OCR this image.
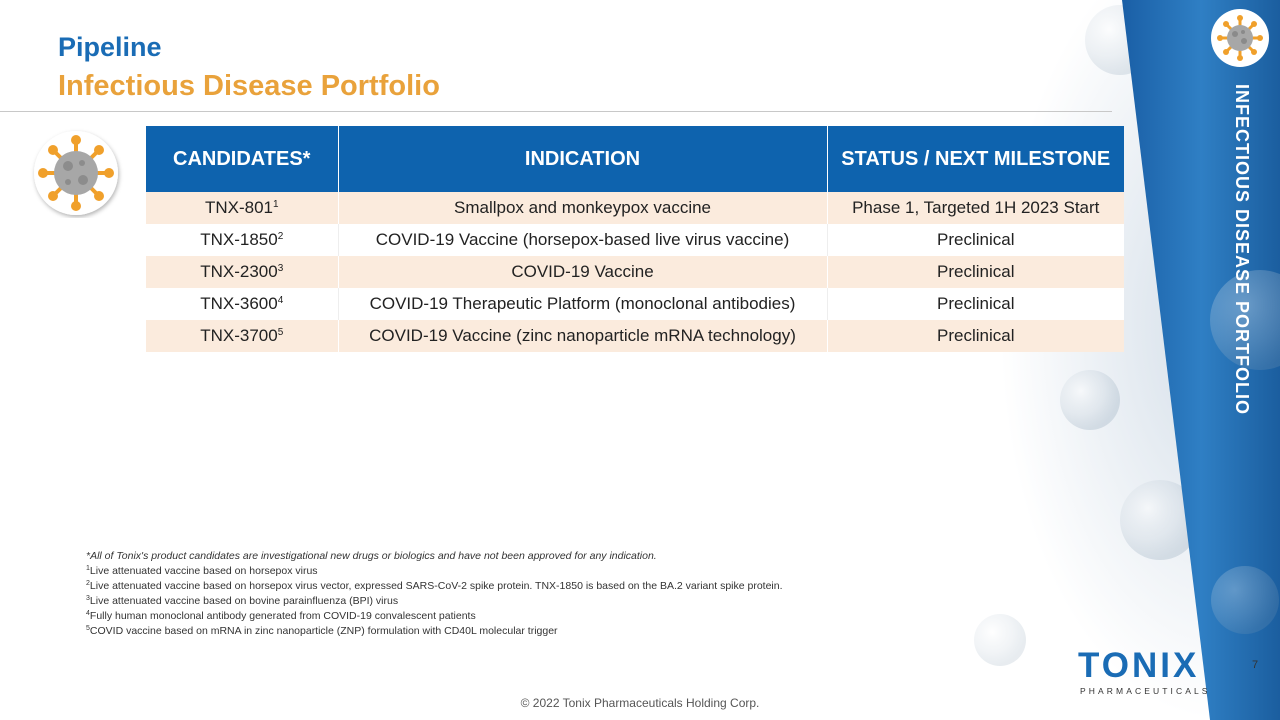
Pipeline
Infectious Disease Portfolio
CANDIDATES*	INDICATION	STATUS / NEXT MILESTONE
TNX-$801^1$	Smallpox and monkeypox vaccine	Phase 1, Targeted 1H 2023 Start
TNX-1850$^2$	COVID-19 Vaccine (horsepox-based live virus vaccine)	Preclinical
TNX-2300$^3$	COVID-19 Vaccine	Preclinical
TNX-3600$^4$	COVID-19 Therapeutic Platform (monoclonal antibodies)	Preclinical
TNX-3700$^5$	COVID-19 Vaccine (zinc nanoparticle mRNA technology)	Preclinical
*All of Tonix's product candidates are investigational new drugs or biologics and have not been approved for any indication.
$^1$Live attenuated vaccine based on horsepox virus
$^2$Live attenuated vaccine based on horsepox virus vector, expressed SARS-CoV-2 spike protein. TNX-1850 is based on the BA.2 variant spike protein.
$^3$Live attenuated vaccine based on bovine parainfluenza (BPI) virus
$^4$Fully human monoclonal antibody generated from COVID-19 convalescent patients
$^5$COVID vaccine based on mRNA in zinc nanoparticle (ZNP) formulation with CD40L molecular trigger
INFECTIOUS DISEASE PORTFOLIO
TONIX
PHARMACEUTICALS
7
© 2022 Tonix Pharmaceuticals Holding Corp.
